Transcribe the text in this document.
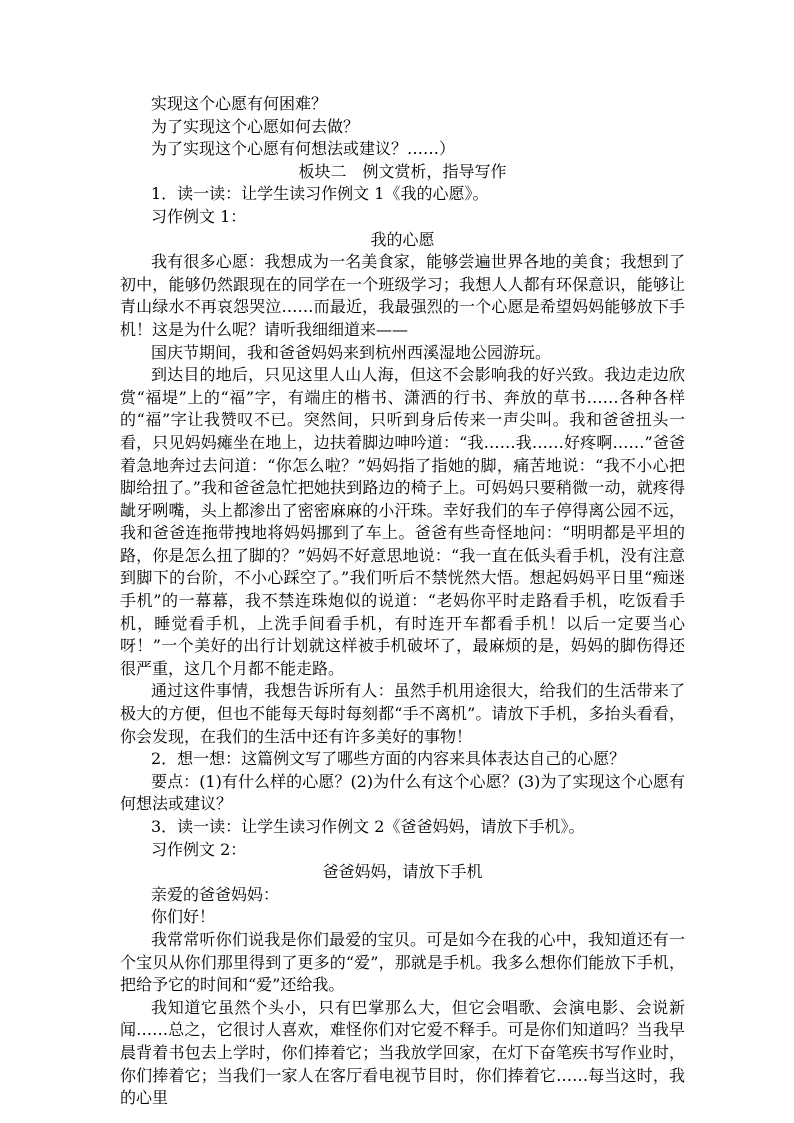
实现这个心愿有何困难？

为了实现这个心愿如何去做？

为了实现这个心愿有何想法或建议？……）

板块二　例文赏析，指导写作

1．读一读：让学生读习作例文 1《我的心愿》。

习作例文 1：

我的心愿

我有很多心愿：我想成为一名美食家，能够尝遍世界各地的美食；我想到了初中，能够仍然跟现在的同学在一个班级学习；我想人人都有环保意识，能够让青山绿水不再哀怨哭泣……而最近，我最强烈的一个心愿是希望妈妈能够放下手机！这是为什么呢？请听我细细道来——

国庆节期间，我和爸爸妈妈来到杭州西溪湿地公园游玩。

到达目的地后，只见这里人山人海，但这不会影响我的好兴致。我边走边欣赏“福堤”上的“福”字，有端庄的楷书、潇洒的行书、奔放的草书……各种各样的“福”字让我赞叹不已。突然间，只听到身后传来一声尖叫。我和爸爸扭头一看，只见妈妈瘫坐在地上，边扶着脚边呻吟道：“我……我……好疼啊……”爸爸着急地奔过去问道：“你怎么啦？”妈妈指了指她的脚，痛苦地说：“我不小心把脚给扭了。”我和爸爸急忙把她扶到路边的椅子上。可妈妈只要稍微一动，就疼得龇牙咧嘴，头上都渗出了密密麻麻的小汗珠。幸好我们的车子停得离公园不远，我和爸爸连拖带拽地将妈妈挪到了车上。爸爸有些奇怪地问：“明明都是平坦的路，你是怎么扭了脚的？”妈妈不好意思地说：“我一直在低头看手机，没有注意到脚下的台阶，不小心踩空了。”我们听后不禁恍然大悟。想起妈妈平日里“痴迷手机”的一幕幕，我不禁连珠炮似的说道：“老妈你平时走路看手机，吃饭看手机，睡觉看手机，上洗手间看手机，有时连开车都看手机！以后一定要当心呀！”一个美好的出行计划就这样被手机破坏了，最麻烦的是，妈妈的脚伤得还很严重，这几个月都不能走路。

通过这件事情，我想告诉所有人：虽然手机用途很大，给我们的生活带来了极大的方便，但也不能每天每时每刻都“手不离机”。请放下手机，多抬头看看，你会发现，在我们的生活中还有许多美好的事物！

2．想一想：这篇例文写了哪些方面的内容来具体表达自己的心愿？

要点：(1)有什么样的心愿？(2)为什么有这个心愿？(3)为了实现这个心愿有何想法或建议？

3．读一读：让学生读习作例文 2《爸爸妈妈，请放下手机》。

习作例文 2：

爸爸妈妈，请放下手机

亲爱的爸爸妈妈：

你们好！

我常常听你们说我是你们最爱的宝贝。可是如今在我的心中，我知道还有一个宝贝从你们那里得到了更多的“爱”，那就是手机。我多么想你们能放下手机，把给予它的时间和“爱”还给我。

我知道它虽然个头小，只有巴掌那么大，但它会唱歌、会演电影、会说新闻……总之，它很讨人喜欢，难怪你们对它爱不释手。可是你们知道吗？当我早晨背着书包去上学时，你们捧着它；当我放学回家，在灯下奋笔疾书写作业时，你们捧着它；当我们一家人在客厅看电视节目时，你们捧着它……每当这时，我的心里
